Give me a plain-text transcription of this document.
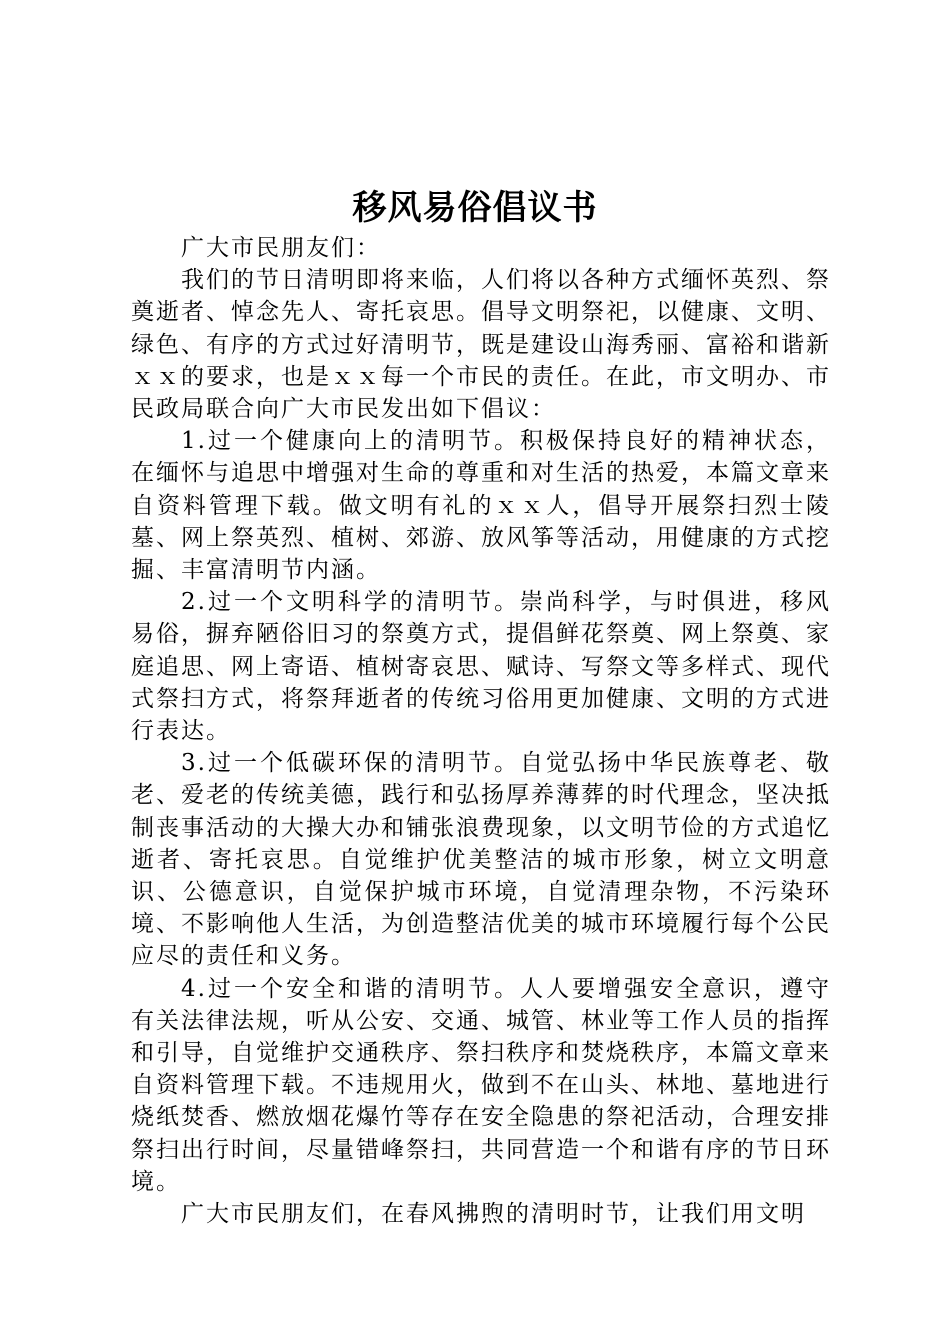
移风易俗倡议书

广大市民朋友们：

我们的节日清明即将来临，人们将以各种方式缅怀英烈、祭奠逝者、悼念先人、寄托哀思。倡导文明祭祀，以健康、文明、绿色、有序的方式过好清明节，既是建设山海秀丽、富裕和谐新ｘｘ的要求，也是ｘｘ每一个市民的责任。在此，市文明办、市民政局联合向广大市民发出如下倡议：

1.过一个健康向上的清明节。积极保持良好的精神状态，在缅怀与追思中增强对生命的尊重和对生活的热爱，本篇文章来自资料管理下载。做文明有礼的ｘｘ人，倡导开展祭扫烈士陵墓、网上祭英烈、植树、郊游、放风筝等活动，用健康的方式挖掘、丰富清明节内涵。

2.过一个文明科学的清明节。崇尚科学，与时俱进，移风易俗，摒弃陋俗旧习的祭奠方式，提倡鲜花祭奠、网上祭奠、家庭追思、网上寄语、植树寄哀思、赋诗、写祭文等多样式、现代式祭扫方式，将祭拜逝者的传统习俗用更加健康、文明的方式进行表达。

3.过一个低碳环保的清明节。自觉弘扬中华民族尊老、敬老、爱老的传统美德，践行和弘扬厚养薄葬的时代理念，坚决抵制丧事活动的大操大办和铺张浪费现象，以文明节俭的方式追忆逝者、寄托哀思。自觉维护优美整洁的城市形象，树立文明意识、公德意识，自觉保护城市环境，自觉清理杂物，不污染环境、不影响他人生活，为创造整洁优美的城市环境履行每个公民应尽的责任和义务。

4.过一个安全和谐的清明节。人人要增强安全意识，遵守有关法律法规，听从公安、交通、城管、林业等工作人员的指挥和引导，自觉维护交通秩序、祭扫秩序和焚烧秩序，本篇文章来自资料管理下载。不违规用火，做到不在山头、林地、墓地进行烧纸焚香、燃放烟花爆竹等存在安全隐患的祭祀活动，合理安排祭扫出行时间，尽量错峰祭扫，共同营造一个和谐有序的节日环境。

广大市民朋友们，在春风拂煦的清明时节，让我们用文明
